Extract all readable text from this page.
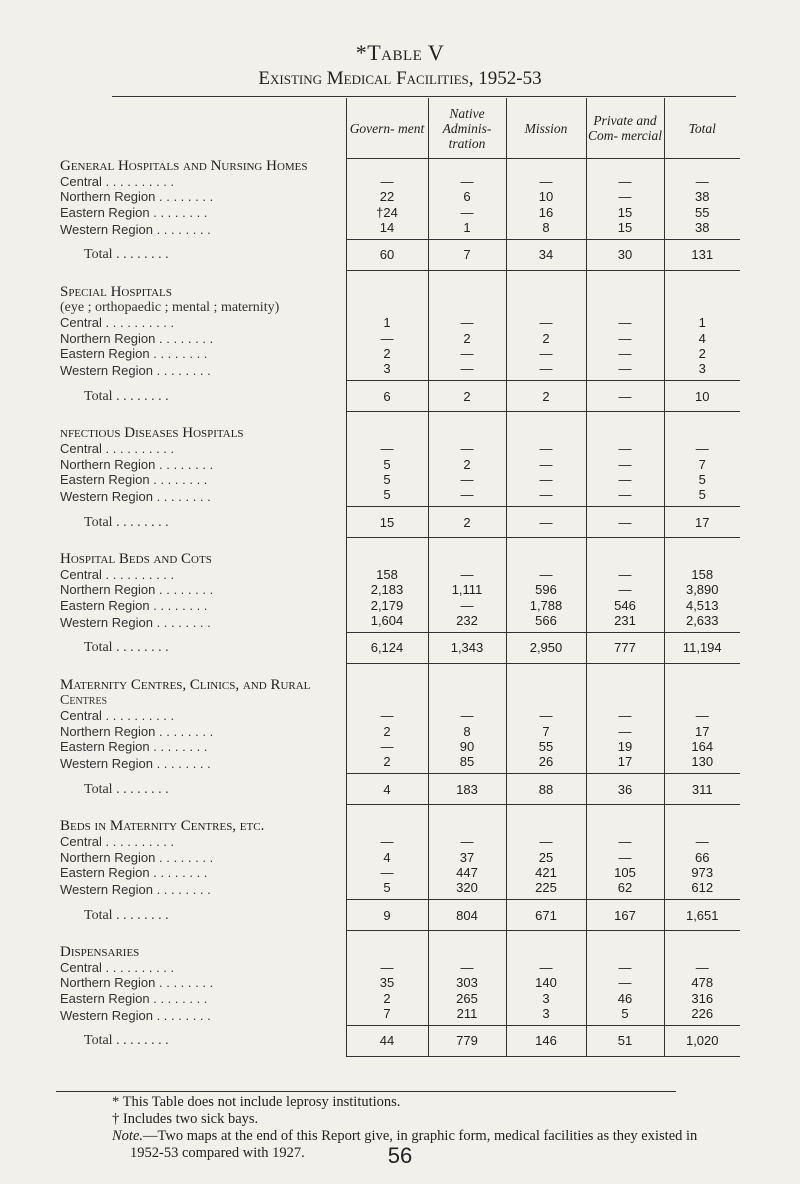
*Table V
Existing Medical Facilities, 1952-53
	Govern- ment	Native Adminis- tration	Mission	Private and Com- mercial	Total
General Hospitals and Nursing Homes					
Central . . . . . . . . . .	—	—	—	—	—
Northern Region . . . . . . . .	22	6	10	—	38
Eastern Region . . . . . . . .	†24	—	16	15	55
Western Region . . . . . . . .	14	1	8	15	38
Total . . . . . . . .	60	7	34	30	131
Special Hospitals					
(eye ; orthopaedic ; mental ; maternity)					
Central . . . . . . . . . .	1	—	—	—	1
Northern Region . . . . . . . .	—	2	2	—	4
Eastern Region . . . . . . . .	2	—	—	—	2
Western Region . . . . . . . .	3	—	—	—	3
Total . . . . . . . .	6	2	2	—	10
nfectious Diseases Hospitals					
Central . . . . . . . . . .	—	—	—	—	—
Northern Region . . . . . . . .	5	2	—	—	7
Eastern Region . . . . . . . .	5	—	—	—	5
Western Region . . . . . . . .	5	—	—	—	5
Total . . . . . . . .	15	2	—	—	17
Hospital Beds and Cots					
Central . . . . . . . . . .	158	—	—	—	158
Northern Region . . . . . . . .	2,183	1,111	596	—	3,890
Eastern Region . . . . . . . .	2,179	—	1,788	546	4,513
Western Region . . . . . . . .	1,604	232	566	231	2,633
Total . . . . . . . .	6,124	1,343	2,950	777	11,194
Maternity Centres, Clinics, and Rural					
Centres					
Central . . . . . . . . . .	—	—	—	—	—
Northern Region . . . . . . . .	2	8	7	—	17
Eastern Region . . . . . . . .	—	90	55	19	164
Western Region . . . . . . . .	2	85	26	17	130
Total . . . . . . . .	4	183	88	36	311
Beds in Maternity Centres, etc.					
Central . . . . . . . . . .	—	—	—	—	—
Northern Region . . . . . . . .	4	37	25	—	66
Eastern Region . . . . . . . .	—	447	421	105	973
Western Region . . . . . . . .	5	320	225	62	612
Total . . . . . . . .	9	804	671	167	1,651
Dispensaries					
Central . . . . . . . . . .	—	—	—	—	—
Northern Region . . . . . . . .	35	303	140	—	478
Eastern Region . . . . . . . .	2	265	3	46	316
Western Region . . . . . . . .	7	211	3	5	226
Total . . . . . . . .	44	779	146	51	1,020

* This Table does not include leprosy institutions.

† Includes two sick bays.

Note.—Two maps at the end of this Report give, in graphic form, medical facilities as they existed in

1952-53 compared with 1927.	56
